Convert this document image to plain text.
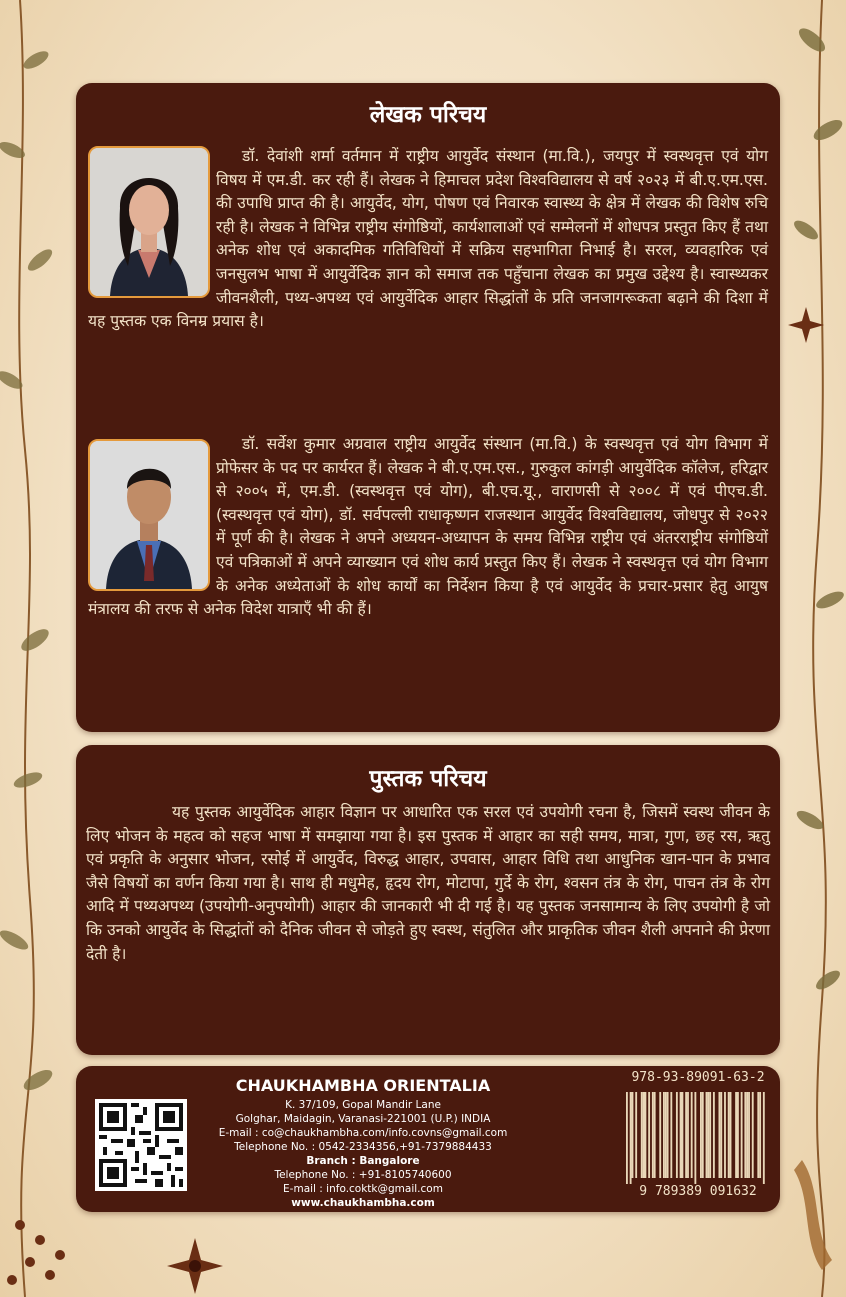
लेखक परिचय
डॉ. देवांशी शर्मा वर्तमान में राष्ट्रीय आयुर्वेद संस्थान (मा.वि.), जयपुर में स्वस्थवृत्त एवं योग विषय में एम.डी. कर रही हैं। लेखक ने हिमाचल प्रदेश विश्वविद्यालय से वर्ष २०२३ में बी.ए.एम.एस. की उपाधि प्राप्त की है। आयुर्वेद, योग, पोषण एवं निवारक स्वास्थ्य के क्षेत्र में लेखक की विशेष रुचि रही है। लेखक ने विभिन्न राष्ट्रीय संगोष्ठियों, कार्यशालाओं एवं सम्मेलनों में शोधपत्र प्रस्तुत किए हैं तथा अनेक शोध एवं अकादमिक गतिविधियों में सक्रिय सहभागिता निभाई है। सरल, व्यवहारिक एवं जनसुलभ भाषा में आयुर्वेदिक ज्ञान को समाज तक पहुँचाना लेखक का प्रमुख उद्देश्य है। स्वास्थ्यकर जीवनशैली, पथ्य-अपथ्य एवं आयुर्वेदिक आहार सिद्धांतों के प्रति जनजागरूकता बढ़ाने की दिशा में यह पुस्तक एक विनम्र प्रयास है।
डॉ. सर्वेश कुमार अग्रवाल राष्ट्रीय आयुर्वेद संस्थान (मा.वि.) के स्वस्थवृत्त एवं योग विभाग में प्रोफेसर के पद पर कार्यरत हैं। लेखक ने बी.ए.एम.एस., गुरुकुल कांगड़ी आयुर्वेदिक कॉलेज, हरिद्वार से २००५ में, एम.डी. (स्वस्थवृत्त एवं योग), बी.एच.यू., वाराणसी से २००८ में एवं पीएच.डी. (स्वस्थवृत्त एवं योग), डॉ. सर्वपल्ली राधाकृष्णन राजस्थान आयुर्वेद विश्वविद्यालय, जोधपुर से २०२२ में पूर्ण की है। लेखक ने अपने अध्ययन-अध्यापन के समय विभिन्न राष्ट्रीय एवं अंतरराष्ट्रीय संगोष्ठियों एवं पत्रिकाओं में अपने व्याख्यान एवं शोध कार्य प्रस्तुत किए हैं। लेखक ने स्वस्थवृत्त एवं योग विभाग के अनेक अध्येताओं के शोध कार्यों का निर्देशन किया है एवं आयुर्वेद के प्रचार-प्रसार हेतु आयुष मंत्रालय की तरफ से अनेक विदेश यात्राएँ भी की हैं।
पुस्तक परिचय
यह पुस्तक आयुर्वेदिक आहार विज्ञान पर आधारित एक सरल एवं उपयोगी रचना है, जिसमें स्वस्थ जीवन के लिए भोजन के महत्व को सहज भाषा में समझाया गया है। इस पुस्तक में आहार का सही समय, मात्रा, गुण, छह रस, ऋतु एवं प्रकृति के अनुसार भोजन, रसोई में आयुर्वेद, विरुद्ध आहार, उपवास, आहार विधि तथा आधुनिक खान-पान के प्रभाव जैसे विषयों का वर्णन किया गया है। साथ ही मधुमेह, हृदय रोग, मोटापा, गुर्दे के रोग, श्वसन तंत्र के रोग, पाचन तंत्र के रोग आदि में पथ्यअपथ्य (उपयोगी-अनुपयोगी) आहार की जानकारी भी दी गई है। यह पुस्तक जनसामान्य के लिए उपयोगी है जो कि उनको आयुर्वेद के सिद्धांतों को दैनिक जीवन से जोड़ते हुए स्वस्थ, संतुलित और प्राकृतिक जीवन शैली अपनाने की प्रेरणा देती है।
CHAUKHAMBHA ORIENTALIA
K. 37/109, Gopal Mandir Lane
Golghar, Maidagin, Varanasi-221001 (U.P.) INDIA
E-mail : co@chaukhambha.com/info.covns@gmail.com
Telephone No. : 0542-2334356,+91-7379884433
Branch : Bangalore
Telephone No. : +91-8105740600
E-mail : info.coktk@gmail.com
www.chaukhambha.com
978-93-89091-63-2
9 789389 091632
